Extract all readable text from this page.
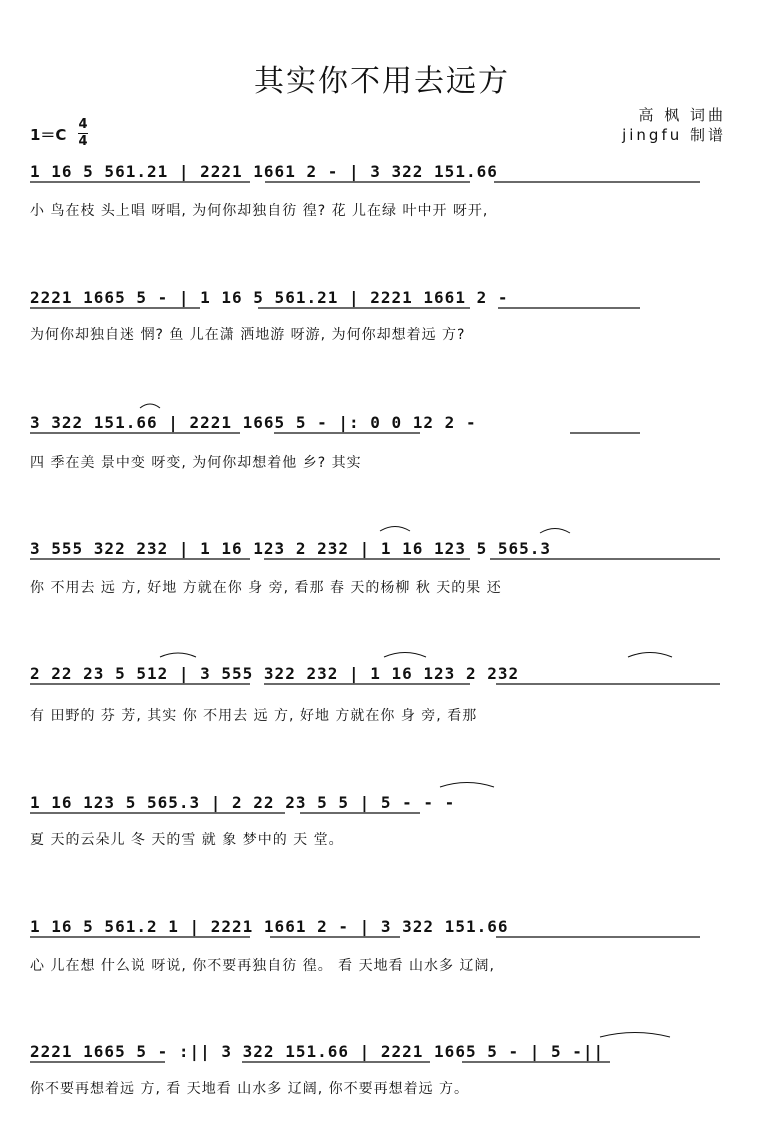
其实你不用去远方
高 枫 词曲
jingfu 制谱
1＝C
4
4
1 16 5 561.21 | 2221 1661 2 - | 3 322 151.66
小 鸟在枝 头上唱 呀唱, 为何你却独自彷 徨? 花 儿在绿 叶中开 呀开,
2221 1665 5 - | 1 16 5 561.21 | 2221 1661 2 -
为何你却独自迷 惘? 鱼 儿在潇 洒地游 呀游, 为何你却想着远 方?
3 322 151.66 | 2221 1665 5 - |: 0 0 12 2 -
四 季在美 景中变 呀变, 为何你却想着他 乡? 其实
3 555 322 232 | 1 16 123 2 232 | 1 16 123 5 565.3
你 不用去 远 方, 好地 方就在你 身 旁, 看那 春 天的杨柳 秋 天的果 还
2 22 23 5 512 | 3 555 322 232 | 1 16 123 2 232
有 田野的 芬 芳, 其实 你 不用去 远 方, 好地 方就在你 身 旁, 看那
1 16 123 5 565.3 | 2 22 23 5 5 | 5 - - -
夏 天的云朵儿 冬 天的雪 就 象 梦中的 天 堂。
1 16 5 561.2 1 | 2221 1661 2 - | 3 322 151.66
心 儿在想 什么说 呀说, 你不要再独自彷 徨。 看 天地看 山水多 辽阔,
2221 1665 5 - :|| 3 322 151.66 | 2221 1665 5 - | 5 -||
你不要再想着远 方, 看 天地看 山水多 辽阔, 你不要再想着远 方。
